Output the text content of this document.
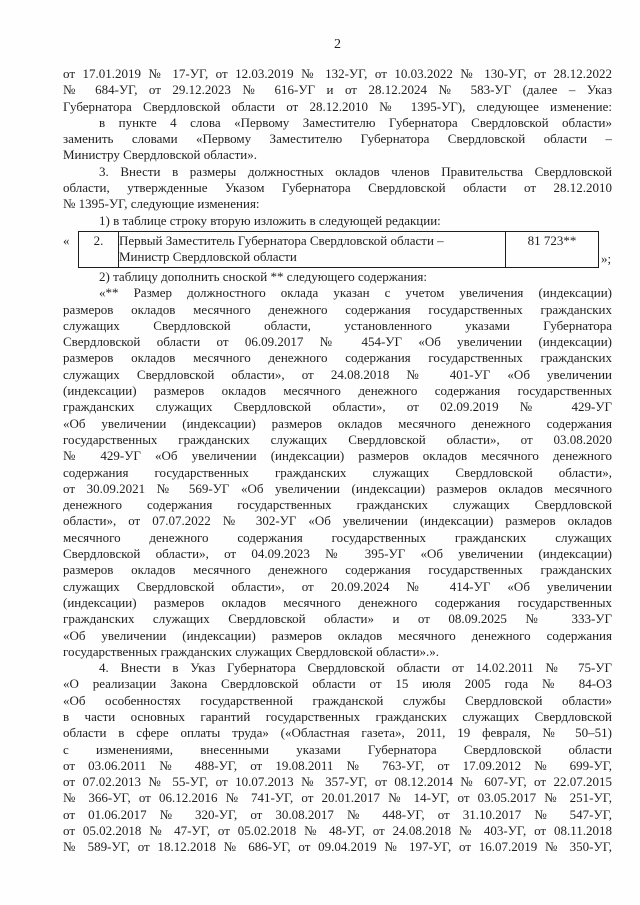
2
от 17.01.2019 № 17-УГ, от 12.03.2019 № 132-УГ, от 10.03.2022 № 130-УГ, от 28.12.2022
№ 684-УГ, от 29.12.2023 № 616-УГ и от 28.12.2024 № 583-УГ (далее – Указ
Губернатора Свердловской области от 28.12.2010 № 1395-УГ), следующее изменение:
в пункте 4 слова «Первому Заместителю Губернатора Свердловской области»
заменить словами «Первому Заместителю Губернатора Свердловской области –
Министру Свердловской области».
3. Внести в размеры должностных окладов членов Правительства Свердловской
области, утвержденные Указом Губернатора Свердловской области от 28.12.2010
№ 1395-УГ, следующие изменения:
1) в таблице строку вторую изложить в следующей редакции:
«	2.	Первый Заместитель Губернатора Свердловской области –
Министр Свердловской области
	81 723**
»;
2) таблицу дополнить сноской ** следующего содержания:
«** Размер должностного оклада указан с учетом увеличения (индексации)
размеров окладов месячного денежного содержания государственных гражданских
служащих Свердловской области, установленного указами Губернатора
Свердловской области от 06.09.2017 № 454-УГ «Об увеличении (индексации)
размеров окладов месячного денежного содержания государственных гражданских
служащих Свердловской области», от 24.08.2018 № 401-УГ «Об увеличении
(индексации) размеров окладов месячного денежного содержания государственных
гражданских служащих Свердловской области», от 02.09.2019 № 429-УГ
«Об увеличении (индексации) размеров окладов месячного денежного содержания
государственных гражданских служащих Свердловской области», от 03.08.2020
№ 429-УГ «Об увеличении (индексации) размеров окладов месячного денежного
содержания государственных гражданских служащих Свердловской области»,
от 30.09.2021 № 569-УГ «Об увеличении (индексации) размеров окладов месячного
денежного содержания государственных гражданских служащих Свердловской
области», от 07.07.2022 № 302-УГ «Об увеличении (индексации) размеров окладов
месячного денежного содержания государственных гражданских служащих
Свердловской области», от 04.09.2023 № 395-УГ «Об увеличении (индексации)
размеров окладов месячного денежного содержания государственных гражданских
служащих Свердловской области», от 20.09.2024 № 414-УГ «Об увеличении
(индексации) размеров окладов месячного денежного содержания государственных
гражданских служащих Свердловской области» и от 08.09.2025 № 333-УГ
«Об увеличении (индексации) размеров окладов месячного денежного содержания
государственных гражданских служащих Свердловской области».».
4. Внести в Указ Губернатора Свердловской области от 14.02.2011 № 75-УГ
«О реализации Закона Свердловской области от 15 июля 2005 года № 84-ОЗ
«Об особенностях государственной гражданской службы Свердловской области»
в части основных гарантий государственных гражданских служащих Свердловской
области в сфере оплаты труда» («Областная газета», 2011, 19 февраля, № 50–51)
с изменениями, внесенными указами Губернатора Свердловской области
от 03.06.2011 № 488-УГ, от 19.08.2011 № 763-УГ, от 17.09.2012 № 699-УГ,
от 07.02.2013 № 55-УГ, от 10.07.2013 № 357-УГ, от 08.12.2014 № 607-УГ, от 22.07.2015
№ 366-УГ, от 06.12.2016 № 741-УГ, от 20.01.2017 № 14-УГ, от 03.05.2017 № 251-УГ,
от 01.06.2017 № 320-УГ, от 30.08.2017 № 448-УГ, от 31.10.2017 № 547-УГ,
от 05.02.2018 № 47-УГ, от 05.02.2018 № 48-УГ, от 24.08.2018 № 403-УГ, от 08.11.2018
№ 589-УГ, от 18.12.2018 № 686-УГ, от 09.04.2019 № 197-УГ, от 16.07.2019 № 350-УГ,
